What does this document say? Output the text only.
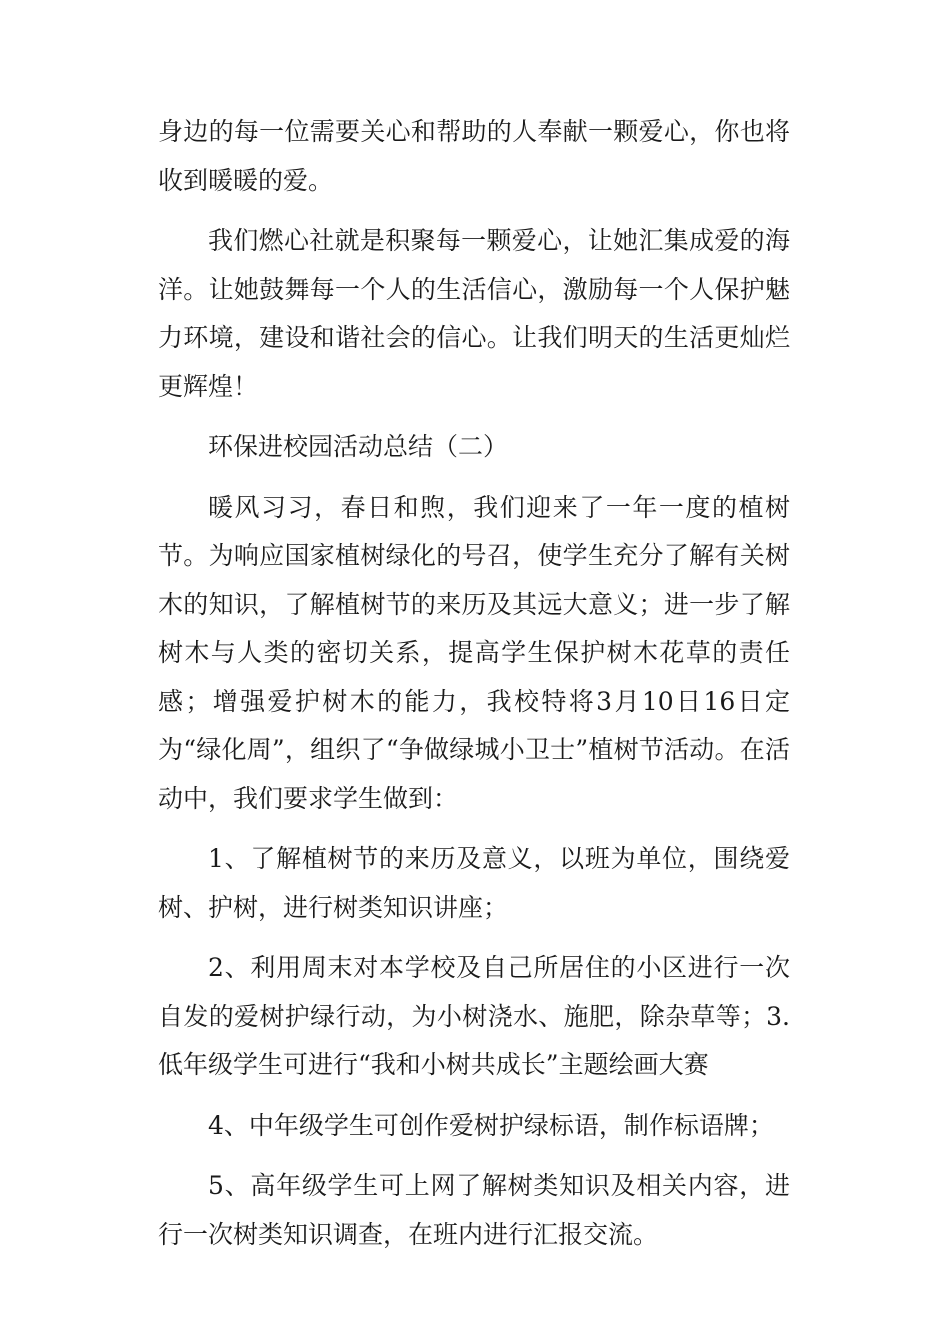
身边的每一位需要关心和帮助的人奉献一颗爱心，你也将收到暖暖的爱。

我们燃心社就是积聚每一颗爱心，让她汇集成爱的海洋。让她鼓舞每一个人的生活信心，激励每一个人保护魅力环境，建设和谐社会的信心。让我们明天的生活更灿烂更辉煌！

环保进校园活动总结（二）

暖风习习，春日和煦，我们迎来了一年一度的植树节。为响应国家植树绿化的号召，使学生充分了解有关树木的知识，了解植树节的来历及其远大意义；进一步了解树木与人类的密切关系，提高学生保护树木花草的责任感；增强爱护树木的能力，我校特将3月10日16日定为“绿化周”，组织了“争做绿城小卫士”植树节活动。在活动中，我们要求学生做到：

1、了解植树节的来历及意义，以班为单位，围绕爱树、护树，进行树类知识讲座；

2、利用周末对本学校及自己所居住的小区进行一次自发的爱树护绿行动，为小树浇水、施肥，除杂草等；3.低年级学生可进行“我和小树共成长”主题绘画大赛

4、中年级学生可创作爱树护绿标语，制作标语牌；

5、高年级学生可上网了解树类知识及相关内容，进行一次树类知识调查，在班内进行汇报交流。
